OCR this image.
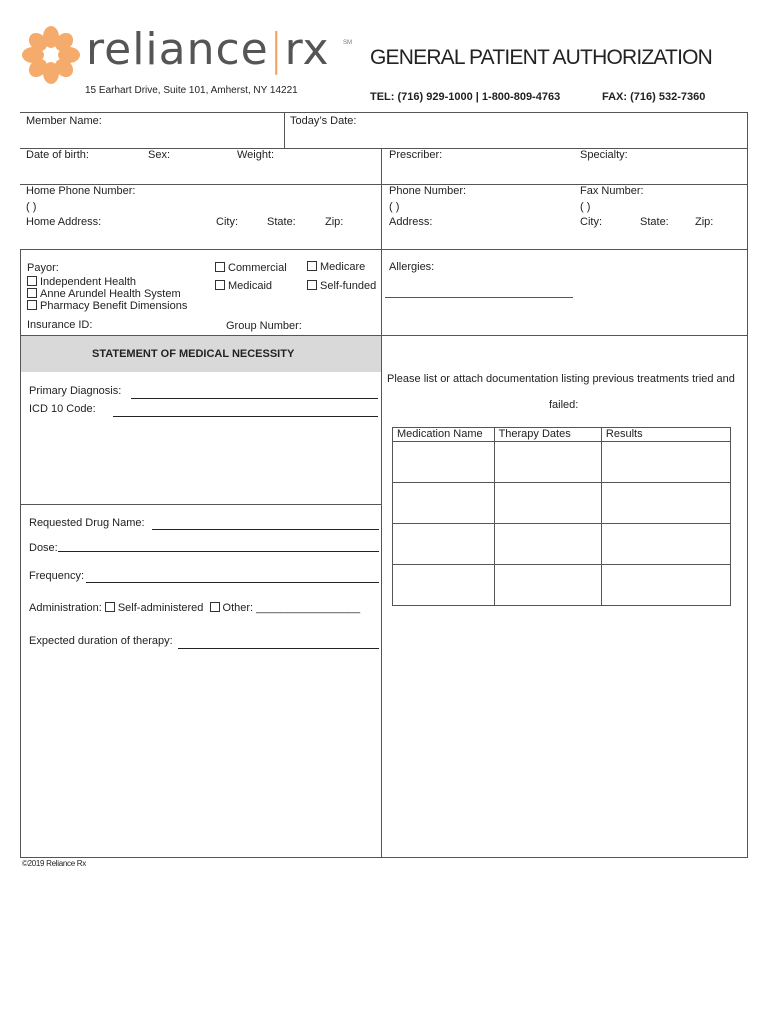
reliance|rx SM
GENERAL PATIENT AUTHORIZATION
15 Earhart Drive, Suite 101, Amherst, NY 14221
TEL: (716) 929-1000 | 1-800-809-4763	FAX: (716) 532-7360
Member Name:	Today’s Date:
Date of birth:	Sex:	Weight:	Prescriber:	Specialty:
Home Phone Number:
( )
Home Address:	City:	State:	Zip:
Phone Number:	Fax Number:
( )	( )
Address:	City:	State: Zip:
Payor:
Independent Health
Anne Arundel Health System
Pharmacy Benefit Dimensions
Commercial
Medicaid
Medicare
Self-funded
Insurance ID:	Group Number:
Allergies:
STATEMENT OF MEDICAL NECESSITY
Primary Diagnosis:
ICD 10 Code:
Requested Drug Name:
Dose:
Frequency:
Administration: Self-administered Other: _________________
Expected duration of therapy:
Please list or attach documentation listing previous treatments tried and
failed:
Medication Name	Therapy Dates	Results

©2019 Reliance Rx
